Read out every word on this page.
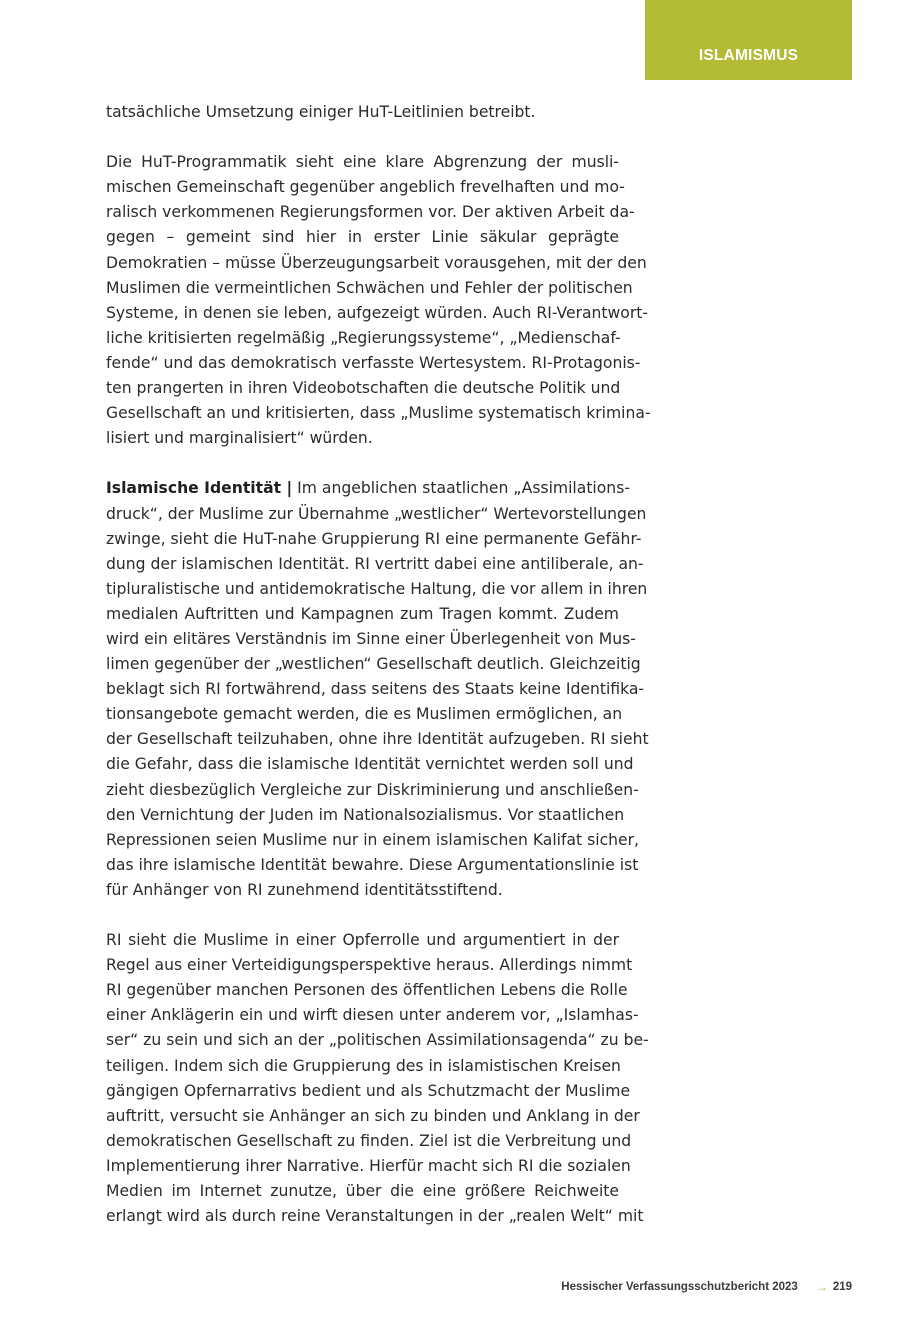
ISLAMISMUS
tatsächliche Umsetzung einiger HuT-Leitlinien betreibt.
Die HuT-Programmatik sieht eine klare Abgrenzung der musli-
mischen Gemeinschaft gegenüber angeblich frevelhaften und mo-
ralisch verkommenen Regierungsformen vor. Der aktiven Arbeit da-
gegen – gemeint sind hier in erster Linie säkular geprägte
Demokratien – müsse Überzeugungsarbeit vorausgehen, mit der den
Muslimen die vermeintlichen Schwächen und Fehler der politischen
Systeme, in denen sie leben, aufgezeigt würden. Auch RI-Verantwort-
liche kritisierten regelmäßig „Regierungssysteme“, „Medienschaf-
fende“ und das demokratisch verfasste Wertesystem. RI-Protagonis-
ten prangerten in ihren Videobotschaften die deutsche Politik und
Gesellschaft an und kritisierten, dass „Muslime systematisch krimina-
lisiert und marginalisiert“ würden.
Islamische Identität | Im angeblichen staatlichen „Assimilations-
druck“, der Muslime zur Übernahme „westlicher“ Wertevorstellungen
zwinge, sieht die HuT-nahe Gruppierung RI eine permanente Gefähr-
dung der islamischen Identität. RI vertritt dabei eine antiliberale, an-
tipluralistische und antidemokratische Haltung, die vor allem in ihren
medialen Auftritten und Kampagnen zum Tragen kommt. Zudem
wird ein elitäres Verständnis im Sinne einer Überlegenheit von Mus-
limen gegenüber der „westlichen“ Gesellschaft deutlich. Gleichzeitig
beklagt sich RI fortwährend, dass seitens des Staats keine Identifika-
tionsangebote gemacht werden, die es Muslimen ermöglichen, an
der Gesellschaft teilzuhaben, ohne ihre Identität aufzugeben. RI sieht
die Gefahr, dass die islamische Identität vernichtet werden soll und
zieht diesbezüglich Vergleiche zur Diskriminierung und anschließen-
den Vernichtung der Juden im Nationalsozialismus. Vor staatlichen
Repressionen seien Muslime nur in einem islamischen Kalifat sicher,
das ihre islamische Identität bewahre. Diese Argumentationslinie ist
für Anhänger von RI zunehmend identitätsstiftend.
RI sieht die Muslime in einer Opferrolle und argumentiert in der
Regel aus einer Verteidigungsperspektive heraus. Allerdings nimmt
RI gegenüber manchen Personen des öffentlichen Lebens die Rolle
einer Anklägerin ein und wirft diesen unter anderem vor, „Islamhas-
ser“ zu sein und sich an der „politischen Assimilationsagenda“ zu be-
teiligen. Indem sich die Gruppierung des in islamistischen Kreisen
gängigen Opfernarrativs bedient und als Schutzmacht der Muslime
auftritt, versucht sie Anhänger an sich zu binden und Anklang in der
demokratischen Gesellschaft zu finden. Ziel ist die Verbreitung und
Implementierung ihrer Narrative. Hierfür macht sich RI die sozialen
Medien im Internet zunutze, über die eine größere Reichweite
erlangt wird als durch reine Veranstaltungen in der „realen Welt“ mit
Hessischer Verfassungsschutzbericht 2023 → 219
